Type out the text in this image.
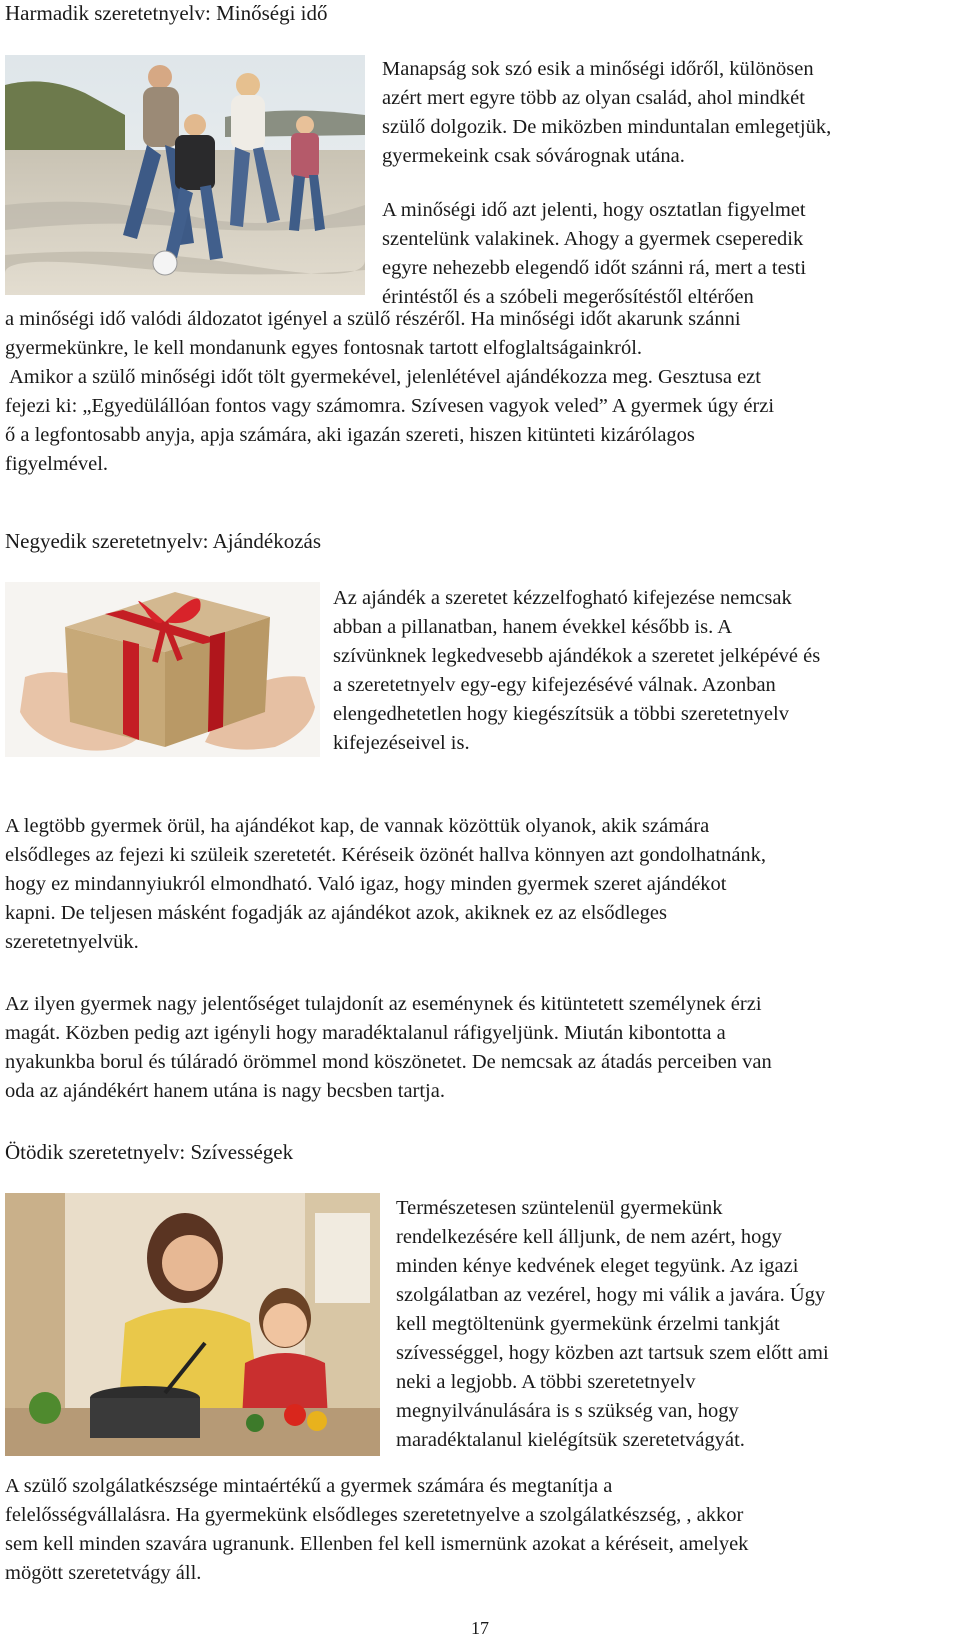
Harmadik szeretetnyelv: Minőségi idő
Manapság sok szó esik a minőségi időről, különösen
azért mert egyre több az olyan család, ahol mindkét
szülő dolgozik. De miközben minduntalan emlegetjük,
gyermekeink csak sóvárognak utána.
A minőségi idő azt jelenti, hogy osztatlan figyelmet
szentelünk valakinek. Ahogy a gyermek cseperedik
egyre nehezebb elegendő időt szánni rá, mert a testi
érintéstől és a szóbeli megerősítéstől eltérően
a minőségi idő valódi áldozatot igényel a szülő részéről. Ha minőségi időt akarunk szánni
gyermekünkre, le kell mondanunk egyes fontosnak tartott elfoglaltságainkról.
Amikor a szülő minőségi időt tölt gyermekével, jelenlétével ajándékozza meg. Gesztusa ezt
fejezi ki: „Egyedülállóan fontos vagy számomra. Szívesen vagyok veled” A gyermek úgy érzi
ő a legfontosabb anyja, apja számára, aki igazán szereti, hiszen kitünteti kizárólagos
figyelmével.
Negyedik szeretetnyelv: Ajándékozás
Az ajándék a szeretet kézzelfogható kifejezése nemcsak
abban a pillanatban, hanem évekkel később is. A
szívünknek legkedvesebb ajándékok a szeretet jelképévé és
a szeretetnyelv egy-egy kifejezésévé válnak. Azonban
elengedhetetlen hogy kiegészítsük a többi szeretetnyelv
kifejezéseivel is.
A legtöbb gyermek örül, ha ajándékot kap, de vannak közöttük olyanok, akik számára
elsődleges az fejezi ki szüleik szeretetét. Kéréseik özönét hallva könnyen azt gondolhatnánk,
hogy ez mindannyiukról elmondható. Való igaz, hogy minden gyermek szeret ajándékot
kapni. De teljesen másként fogadják az ajándékot azok, akiknek ez az elsődleges
szeretetnyelvük.
Az ilyen gyermek nagy jelentőséget tulajdonít az eseménynek és kitüntetett személynek érzi
magát. Közben pedig azt igényli hogy maradéktalanul ráfigyeljünk. Miután kibontotta a
nyakunkba borul és túláradó örömmel mond köszönetet. De nemcsak az átadás perceiben van
oda az ajándékért hanem utána is nagy becsben tartja.
Ötödik szeretetnyelv: Szívességek
Természetesen szüntelenül gyermekünk
rendelkezésére kell álljunk, de nem azért, hogy
minden kénye kedvének eleget tegyünk. Az igazi
szolgálatban az vezérel, hogy mi válik a javára. Úgy
kell megtöltenünk gyermekünk érzelmi tankját
szívességgel, hogy közben azt tartsuk szem előtt ami
neki a legjobb. A többi szeretetnyelv
megnyilvánulására is s szükség van, hogy
maradéktalanul kielégítsük szeretetvágyát.
A szülő szolgálatkészsége mintaértékű a gyermek számára és megtanítja a
felelősségvállalásra. Ha gyermekünk elsődleges szeretetnyelve a szolgálatkészség, , akkor
sem kell minden szavára ugranunk. Ellenben fel kell ismernünk azokat a kéréseit, amelyek
mögött szeretetvágy áll.
17
